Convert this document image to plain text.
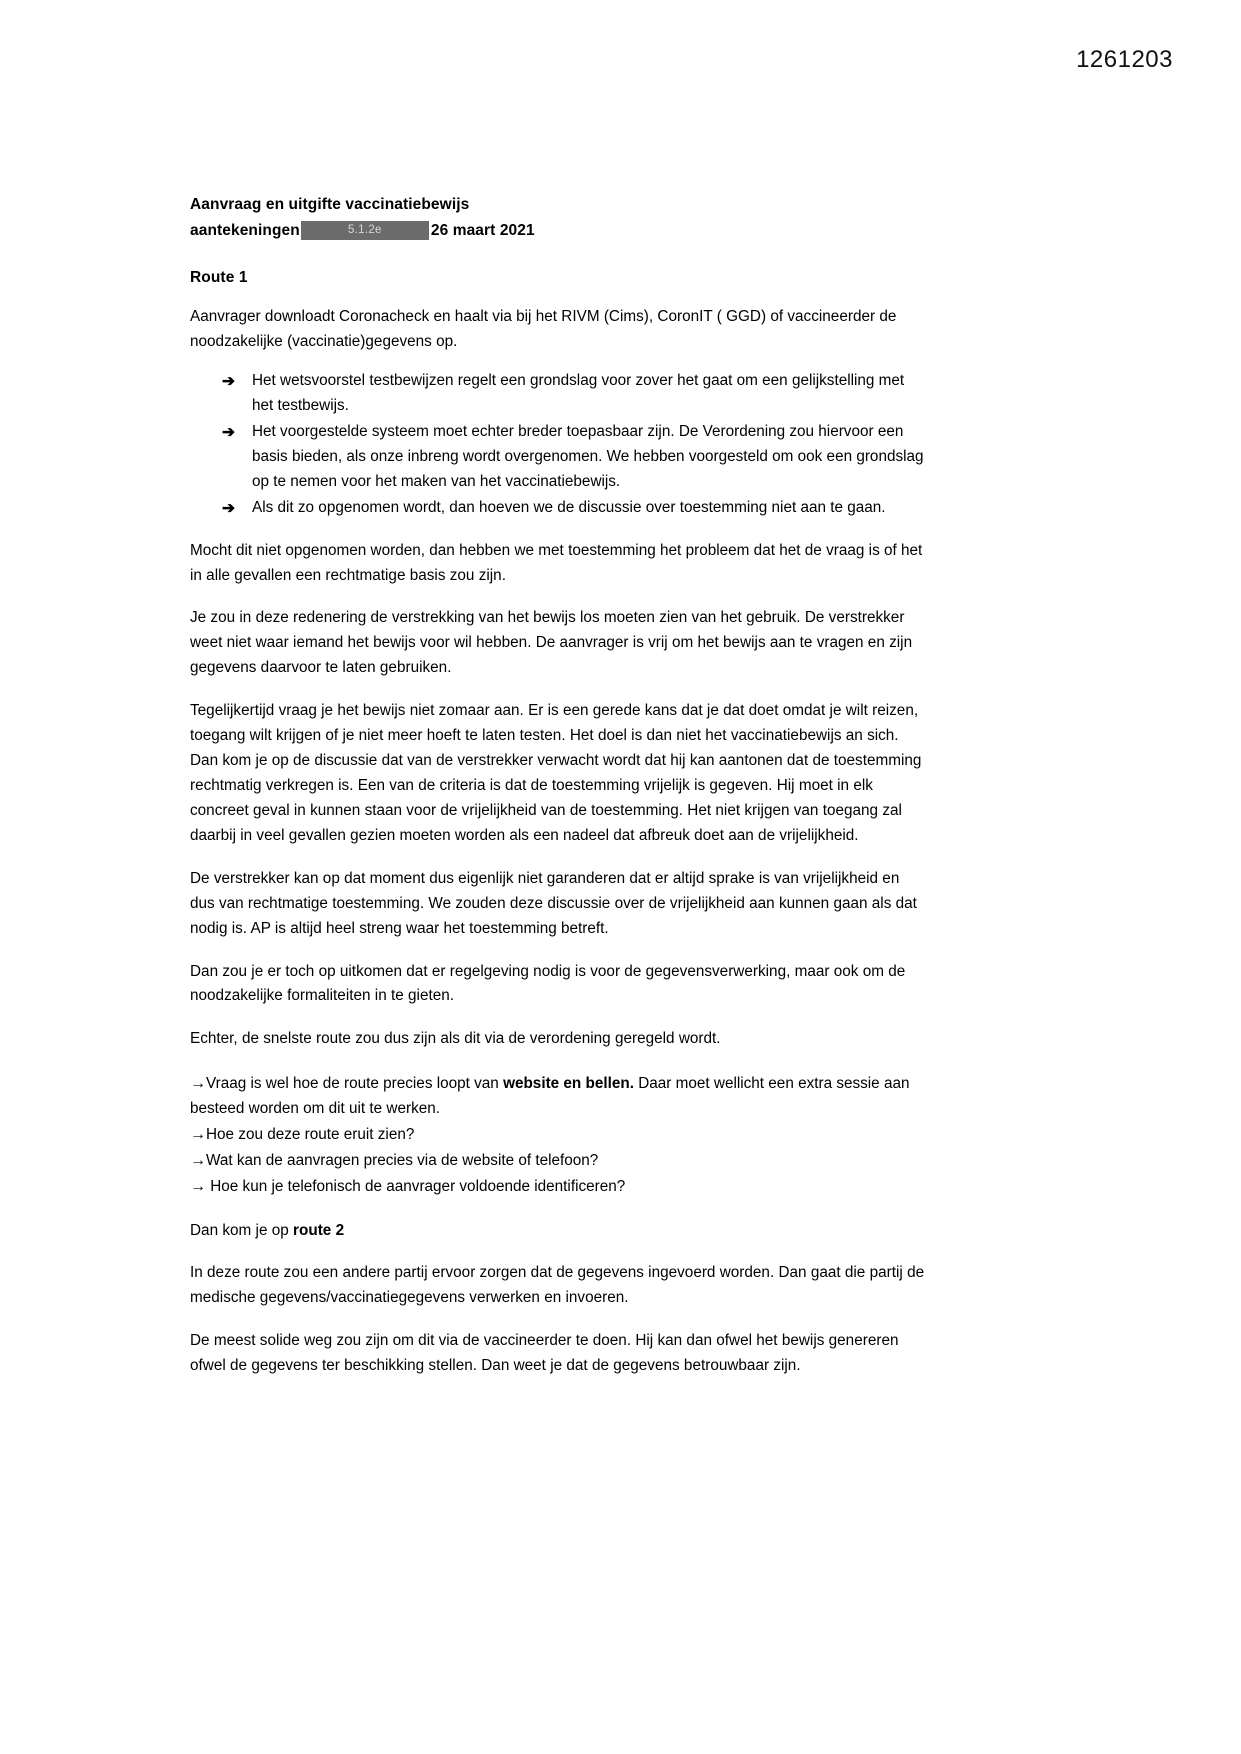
1261203
Aanvraag en uitgifte vaccinatiebewijs
aantekeningen	5.1.2e	26 maart 2021
Route 1

Aanvrager downloadt Coronacheck en haalt via bij het RIVM (Cims), CoronIT ( GGD) of vaccineerder de noodzakelijke (vaccinatie)gegevens op.

➔ Het wetsvoorstel testbewijzen regelt een grondslag voor zover het gaat om een gelijkstelling met het testbewijs.
➔ Het voorgestelde systeem moet echter breder toepasbaar zijn. De Verordening zou hiervoor een basis bieden, als onze inbreng wordt overgenomen. We hebben voorgesteld om ook een grondslag op te nemen voor het maken van het vaccinatiebewijs.
➔ Als dit zo opgenomen wordt, dan hoeven we de discussie over toestemming niet aan te gaan.

Mocht dit niet opgenomen worden, dan hebben we met toestemming het probleem dat het de vraag is of het in alle gevallen een rechtmatige basis zou zijn.

Je zou in deze redenering de verstrekking van het bewijs los moeten zien van het gebruik. De verstrekker weet niet waar iemand het bewijs voor wil hebben. De aanvrager is vrij om het bewijs aan te vragen en zijn gegevens daarvoor te laten gebruiken.

Tegelijkertijd vraag je het bewijs niet zomaar aan. Er is een gerede kans dat je dat doet omdat je wilt reizen, toegang wilt krijgen of je niet meer hoeft te laten testen. Het doel is dan niet het vaccinatiebewijs an sich. Dan kom je op de discussie dat van de verstrekker verwacht wordt dat hij kan aantonen dat de toestemming rechtmatig verkregen is. Een van de criteria is dat de toestemming vrijelijk is gegeven. Hij moet in elk concreet geval in kunnen staan voor de vrijelijkheid van de toestemming. Het niet krijgen van toegang zal daarbij in veel gevallen gezien moeten worden als een nadeel dat afbreuk doet aan de vrijelijkheid.

De verstrekker kan op dat moment dus eigenlijk niet garanderen dat er altijd sprake is van vrijelijkheid en dus van rechtmatige toestemming. We zouden deze discussie over de vrijelijkheid aan kunnen gaan als dat nodig is. AP is altijd heel streng waar het toestemming betreft.

Dan zou je er toch op uitkomen dat er regelgeving nodig is voor de gegevensverwerking, maar ook om de noodzakelijke formaliteiten in te gieten.

Echter, de snelste route zou dus zijn als dit via de verordening geregeld wordt.

→Vraag is wel hoe de route precies loopt van website en bellen. Daar moet wellicht een extra sessie aan besteed worden om dit uit te werken.

→Hoe zou deze route eruit zien?

→Wat kan de aanvragen precies via de website of telefoon?

→ Hoe kun je telefonisch de aanvrager voldoende identificeren?

Dan kom je op route 2

In deze route zou een andere partij ervoor zorgen dat de gegevens ingevoerd worden. Dan gaat die partij de medische gegevens/vaccinatiegegevens verwerken en invoeren.

De meest solide weg zou zijn om dit via de vaccineerder te doen. Hij kan dan ofwel het bewijs genereren ofwel de gegevens ter beschikking stellen. Dan weet je dat de gegevens betrouwbaar zijn.
